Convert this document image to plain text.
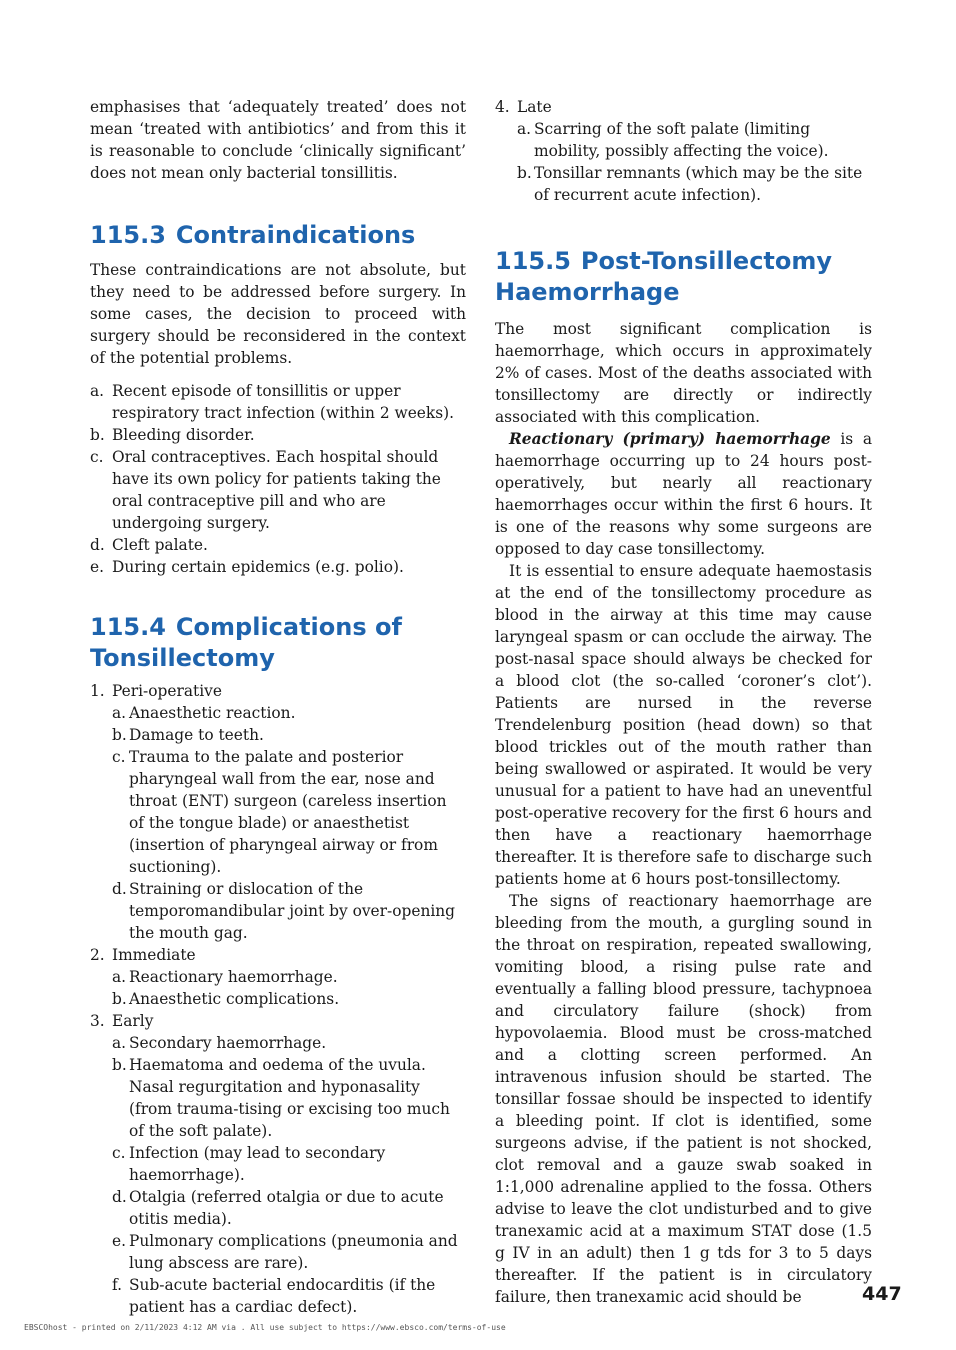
emphasises that ‘adequately treated’ does not mean ‘treated with antibiotics’ and from this it is reasonable to conclude ‘clinically significant’ does not mean only bacterial tonsillitis.

115.3 Contraindications

These contraindications are not absolute, but they need to be addressed before surgery. In some cases, the decision to proceed with surgery should be reconsidered in the context of the potential problems.

a. Recent episode of tonsillitis or upper respiratory tract infection (within 2 weeks).
b. Bleeding disorder.
c. Oral contraceptives. Each hospital should have its own policy for patients taking the oral contraceptive pill and who are undergoing surgery.
d. Cleft palate.
e. During certain epidemics (e.g. polio).
115.4 Complications of Tonsillectomy
1. Peri-operative
a. Anaesthetic reaction.
b. Damage to teeth.
c. Trauma to the palate and posterior pharyngeal wall from the ear, nose and throat (ENT) surgeon (careless insertion of the tongue blade) or anaesthetist (insertion of pharyngeal airway or from suctioning).
d. Straining or dislocation of the temporomandibular joint by over-opening the mouth gag.
2. Immediate
a. Reactionary haemorrhage.
b. Anaesthetic complications.
3. Early
a. Secondary haemorrhage.
b. Haematoma and oedema of the uvula. Nasal regurgitation and hyponasality (from trauma-tising or excising too much of the soft palate).
c. Infection (may lead to secondary haemorrhage).
d. Otalgia (referred otalgia or due to acute otitis media).
e. Pulmonary complications (pneumonia and lung abscess are rare).
f. Sub-acute bacterial endocarditis (if the patient has a cardiac defect).
4. Late
a. Scarring of the soft palate (limiting mobility, possibly affecting the voice).
b. Tonsillar remnants (which may be the site of recurrent acute infection).
115.5 Post-Tonsillectomy Haemorrhage

The most significant complication is haemorrhage, which occurs in approximately 2% of cases. Most of the deaths associated with tonsillectomy are directly or indirectly associated with this complication.

Reactionary (primary) haemorrhage is a haemorrhage occurring up to 24 hours post-operatively, but nearly all reactionary haemorrhages occur within the first 6 hours. It is one of the reasons why some surgeons are opposed to day case tonsillectomy.

It is essential to ensure adequate haemostasis at the end of the tonsillectomy procedure as blood in the airway at this time may cause laryngeal spasm or can occlude the airway. The post-nasal space should always be checked for a blood clot (the so-called ‘coroner’s clot’). Patients are nursed in the reverse Trendelenburg position (head down) so that blood trickles out of the mouth rather than being swallowed or aspirated. It would be very unusual for a patient to have had an uneventful post-operative recovery for the first 6 hours and then have a reactionary haemorrhage thereafter. It is therefore safe to discharge such patients home at 6 hours post-tonsillectomy.

The signs of reactionary haemorrhage are bleeding from the mouth, a gurgling sound in the throat on respiration, repeated swallowing, vomiting blood, a rising pulse rate and eventually a falling blood pressure, tachypnoea and circulatory failure (shock) from hypovolaemia. Blood must be cross-matched and a clotting screen performed. An intravenous infusion should be started. The tonsillar fossae should be inspected to identify a bleeding point. If clot is identified, some surgeons advise, if the patient is not shocked, clot removal and a gauze swab soaked in 1:1,000 adrenaline applied to the fossa. Others advise to leave the clot undisturbed and to give tranexamic acid at a maximum STAT dose (1.5 g IV in an adult) then 1 g tds for 3 to 5 days thereafter. If the patient is in circulatory failure, then tranexamic acid should be	447
EBSCOhost - printed on 2/11/2023 4:12 AM via . All use subject to https://www.ebsco.com/terms-of-use
